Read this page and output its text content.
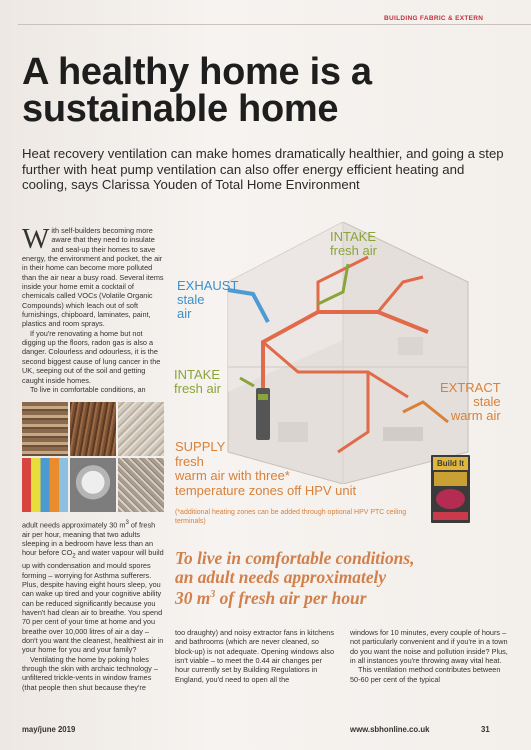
BUILDING FABRIC & EXTERN
A healthy home is a
sustainable home

Heat recovery ventilation can make homes dramatically healthier, and going a step further with heat pump ventilation can also offer energy efficient heating and cooling, says Clarissa Youden of Total Home Environment

With self-builders becoming more aware that they need to insulate and seal-up their homes to save energy, the environment and pocket, the air in their home can become more polluted than the air near a busy road. Several items inside your home emit a cocktail of chemicals called VOCs (Volatile Organic Compounds) which leach out of soft furnishings, chipboard, laminates, paint, plastics and room sprays.

If you're renovating a home but not digging up the floors, radon gas is also a danger. Colourless and odourless, it is the second biggest cause of lung cancer in the UK, seeping out of the soil and getting caught inside homes.

To live in comfortable conditions, an

adult needs approximately 30 $m^3$ of fresh air per hour, meaning that two adults sleeping in a bedroom have less than an hour before $CO_2$ and water vapour will build up with condensation and mould spores forming – worrying for Asthma sufferers. Plus, despite having eight hours sleep, you can wake up tired and your cognitive ability can be reduced significantly because you haven't had clean air to breathe. You spend 70 per cent of your time at home and you breathe over 10,000 litres of air a day – don't you want the cleanest, healthiest air in your home for you and your family?

Ventilating the home by poking holes through the skin with archaic technology – unfiltered trickle-vents in window frames (that people then shut because they're

INTAKE
fresh air
EXHAUST
stale
air
INTAKE
fresh air	EXTRACT
stale
warm air
SUPPLY
fresh
warm air with three*
temperature zones off HPV unit
(*additional heating zones can be added through optional HPV PTC ceiling terminals)
Build It

To live in comfortable conditions,
an adult needs approximately
30 $m^3$ of fresh air per hour

too draughty) and noisy extractor fans in kitchens and bathrooms (which are never cleaned, so block-up) is not adequate. Opening windows also isn't viable – to meet the 0.44 air changes per hour currently set by Building Regulations in England, you'd need to open all the

windows for 10 minutes, every couple of hours – not particularly convenient and if you're in a town do you want the noise and pollution inside? Plus, in all instances you're throwing away vital heat.

This ventilation method contributes between 50-60 per cent of the typical

may/june 2019	www.sbhonline.co.uk	31
